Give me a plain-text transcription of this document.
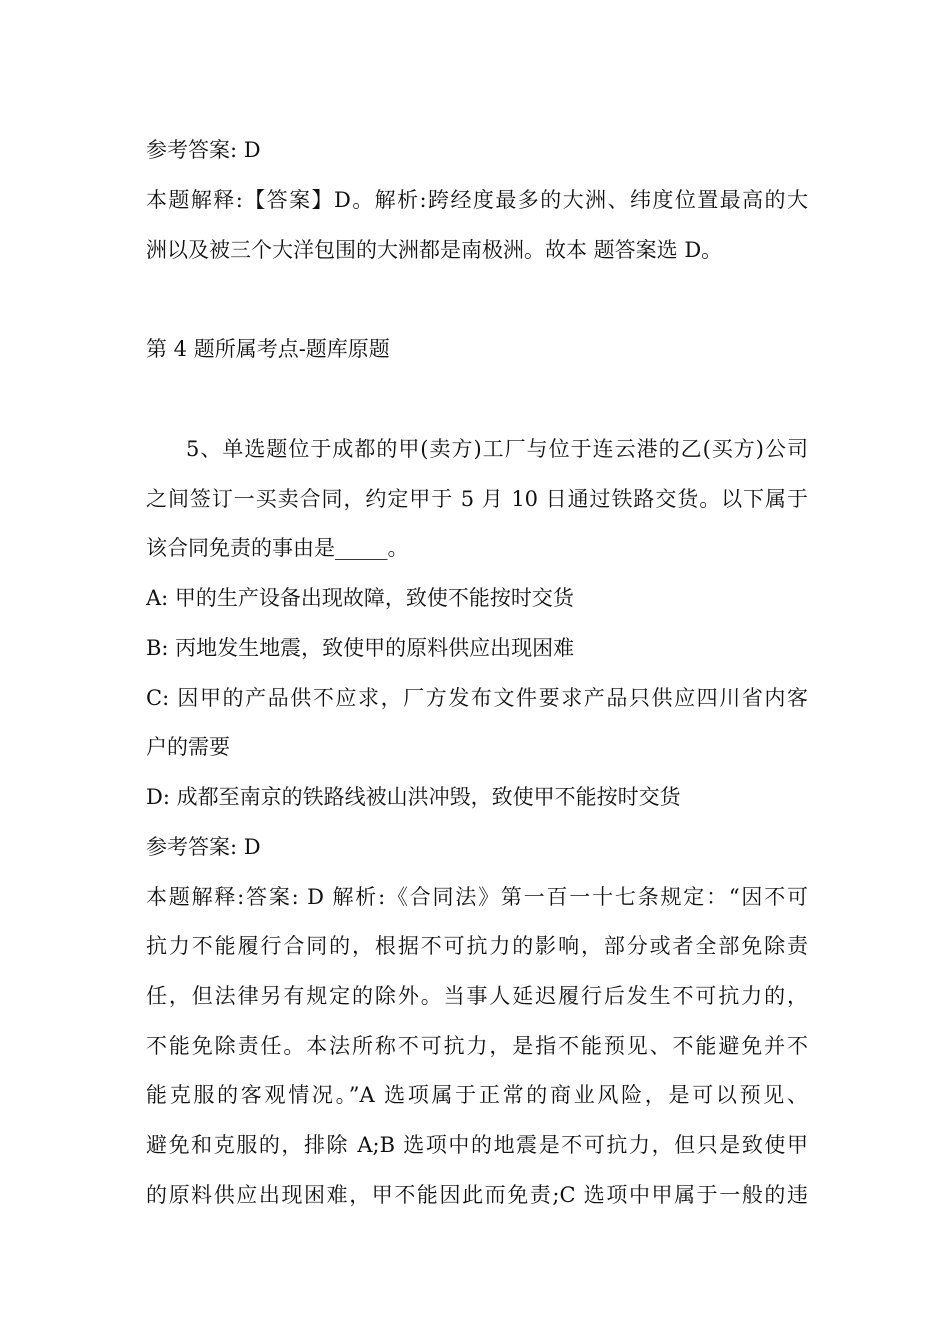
参考答案: D
本题解释:【答案】D。解析:跨经度最多的大洲、纬度位置最高的大
洲以及被三个大洋包围的大洲都是南极洲。故本 题答案选 D。
第 4 题所属考点-题库原题
5、单选题位于成都的甲(卖方)工厂与位于连云港的乙(买方)公司
之间签订一买卖合同，约定甲于 5 月 10 日通过铁路交货。以下属于
该合同免责的事由是_____。
A: 甲的生产设备出现故障，致使不能按时交货
B: 丙地发生地震，致使甲的原料供应出现困难
C: 因甲的产品供不应求，厂方发布文件要求产品只供应四川省内客
户的需要
D: 成都至南京的铁路线被山洪冲毁，致使甲不能按时交货
参考答案: D
本题解释:答案: D 解析:《合同法》第一百一十七条规定：“因不可
抗力不能履行合同的，根据不可抗力的影响，部分或者全部免除责
任，但法律另有规定的除外。当事人延迟履行后发生不可抗力的，
不能免除责任。本法所称不可抗力，是指不能预见、不能避免并不
能克服的客观情况。”A 选项属于正常的商业风险，是可以预见、
避免和克服的，排除 A;B 选项中的地震是不可抗力，但只是致使甲
的原料供应出现困难，甲不能因此而免责;C 选项中甲属于一般的违
